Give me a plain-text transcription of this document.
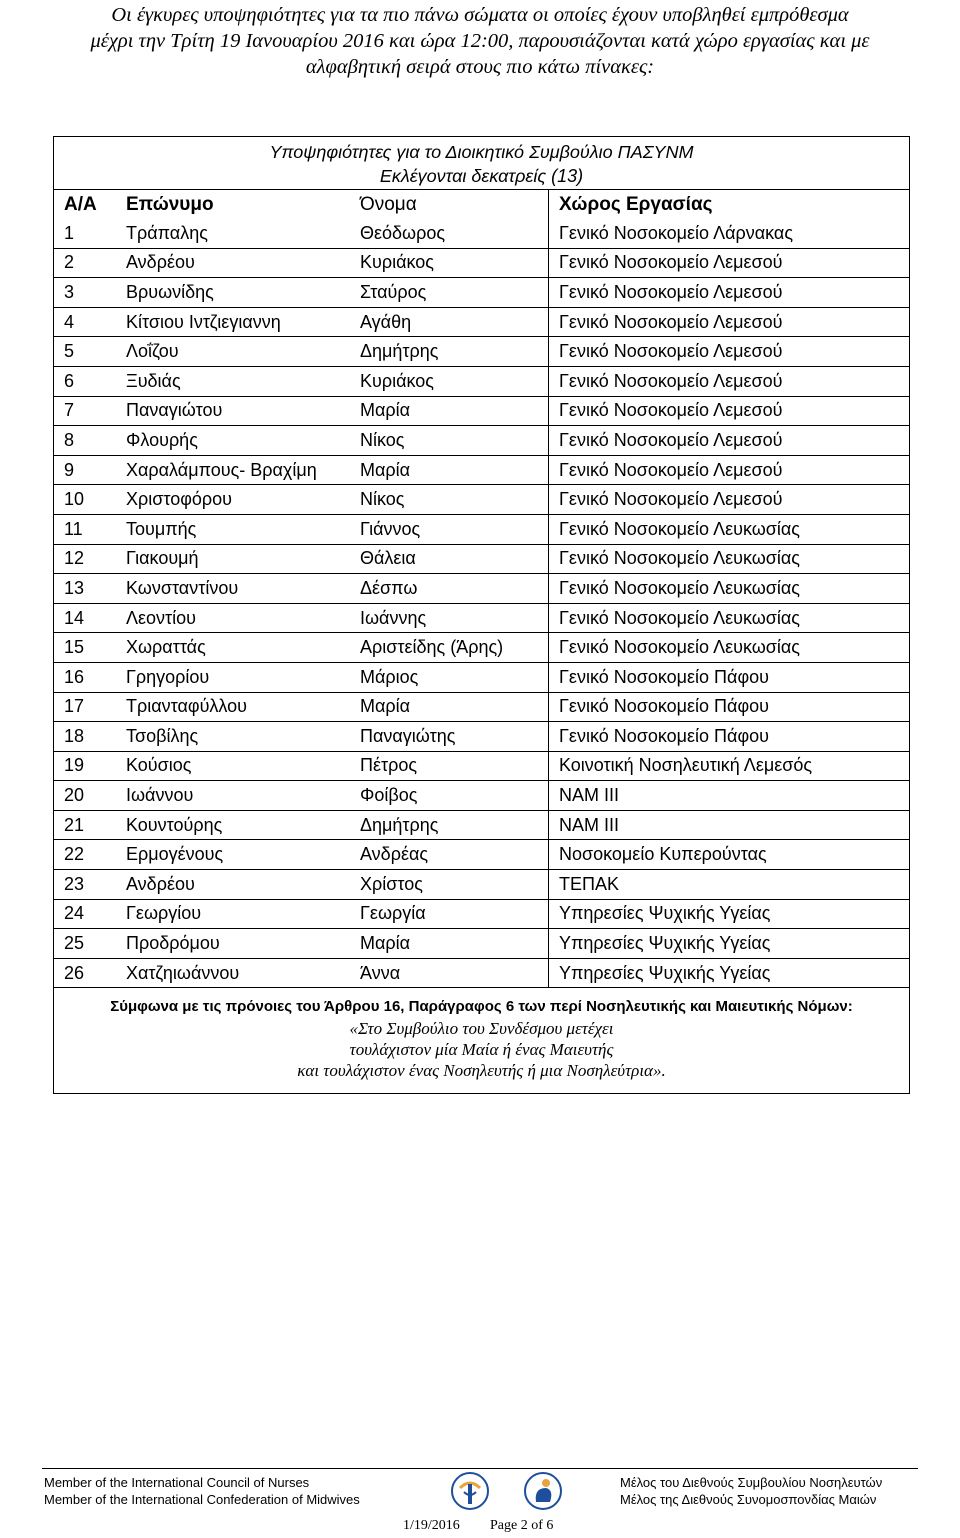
Οι έγκυρες υποψηφιότητες για τα πιο πάνω σώματα οι οποίες έχουν υποβληθεί εμπρόθεσμα
μέχρι την Τρίτη 19 Ιανουαρίου 2016 και ώρα 12:00, παρουσιάζονται κατά χώρο εργασίας και με
αλφαβητική σειρά στους πιο κάτω πίνακες:
Υποψηφιότητες για το Διοικητικό Συμβούλιο ΠΑΣΥΝΜ
Εκλέγονται δεκατρείς (13)
Α/Α	Επώνυμο	Όνομα	Χώρος Εργασίας
1	Τράπαλης	Θεόδωρος	Γενικό Νοσοκομείο Λάρνακας
2	Ανδρέου	Κυριάκος	Γενικό Νοσοκομείο Λεμεσού
3	Βρυωνίδης	Σταύρος	Γενικό Νοσοκομείο Λεμεσού
4	Κίτσιου Ιντζιεγιαννη	Αγάθη	Γενικό Νοσοκομείο Λεμεσού
5	Λοΐζου	Δημήτρης	Γενικό Νοσοκομείο Λεμεσού
6	Ξυδιάς	Κυριάκος	Γενικό Νοσοκομείο Λεμεσού
7	Παναγιώτου	Μαρία	Γενικό Νοσοκομείο Λεμεσού
8	Φλουρής	Νίκος	Γενικό Νοσοκομείο Λεμεσού
9	Χαραλάμπους- Βραχίμη	Μαρία	Γενικό Νοσοκομείο Λεμεσού
10	Χριστοφόρου	Νίκος	Γενικό Νοσοκομείο Λεμεσού
11	Τουμπής	Γιάννος	Γενικό Νοσοκομείο Λευκωσίας
12	Γιακουμή	Θάλεια	Γενικό Νοσοκομείο Λευκωσίας
13	Κωνσταντίνου	Δέσπω	Γενικό Νοσοκομείο Λευκωσίας
14	Λεοντίου	Ιωάννης	Γενικό Νοσοκομείο Λευκωσίας
15	Χωραττάς	Αριστείδης (Άρης)	Γενικό Νοσοκομείο Λευκωσίας
16	Γρηγορίου	Μάριος	Γενικό Νοσοκομείο Πάφου
17	Τριανταφύλλου	Μαρία	Γενικό Νοσοκομείο Πάφου
18	Τσοβίλης	Παναγιώτης	Γενικό Νοσοκομείο Πάφου
19	Κούσιος	Πέτρος	Κοινοτική Νοσηλευτική Λεμεσός
20	Ιωάννου	Φοίβος	ΝΑΜ ΙΙΙ
21	Κουντούρης	Δημήτρης	ΝΑΜ ΙΙΙ
22	Ερμογένους	Ανδρέας	Νοσοκομείο Κυπερούντας
23	Ανδρέου	Χρίστος	ΤΕΠΑΚ
24	Γεωργίου	Γεωργία	Υπηρεσίες Ψυχικής Υγείας
25	Προδρόμου	Μαρία	Υπηρεσίες Ψυχικής Υγείας
26	Χατζηιωάννου	Άννα	Υπηρεσίες Ψυχικής Υγείας
Σύμφωνα με τις πρόνοιες του Άρθρου 16, Παράγραφος 6 των περί Νοσηλευτικής και Μαιευτικής Νόμων:
«Στο Συμβούλιο του Συνδέσμου μετέχει
τουλάχιστον μία Μαία ή ένας Μαιευτής
και τουλάχιστον ένας Νοσηλευτής ή μια Νοσηλεύτρια».
Member of the International Council of Nurses
Member of the International Confederation of Midwives
Μέλος του Διεθνούς Συμβουλίου Νοσηλευτών
Μέλος της Διεθνούς Συνομοσπονδίας Μαιών
1/19/2016 Page 2 of 6
